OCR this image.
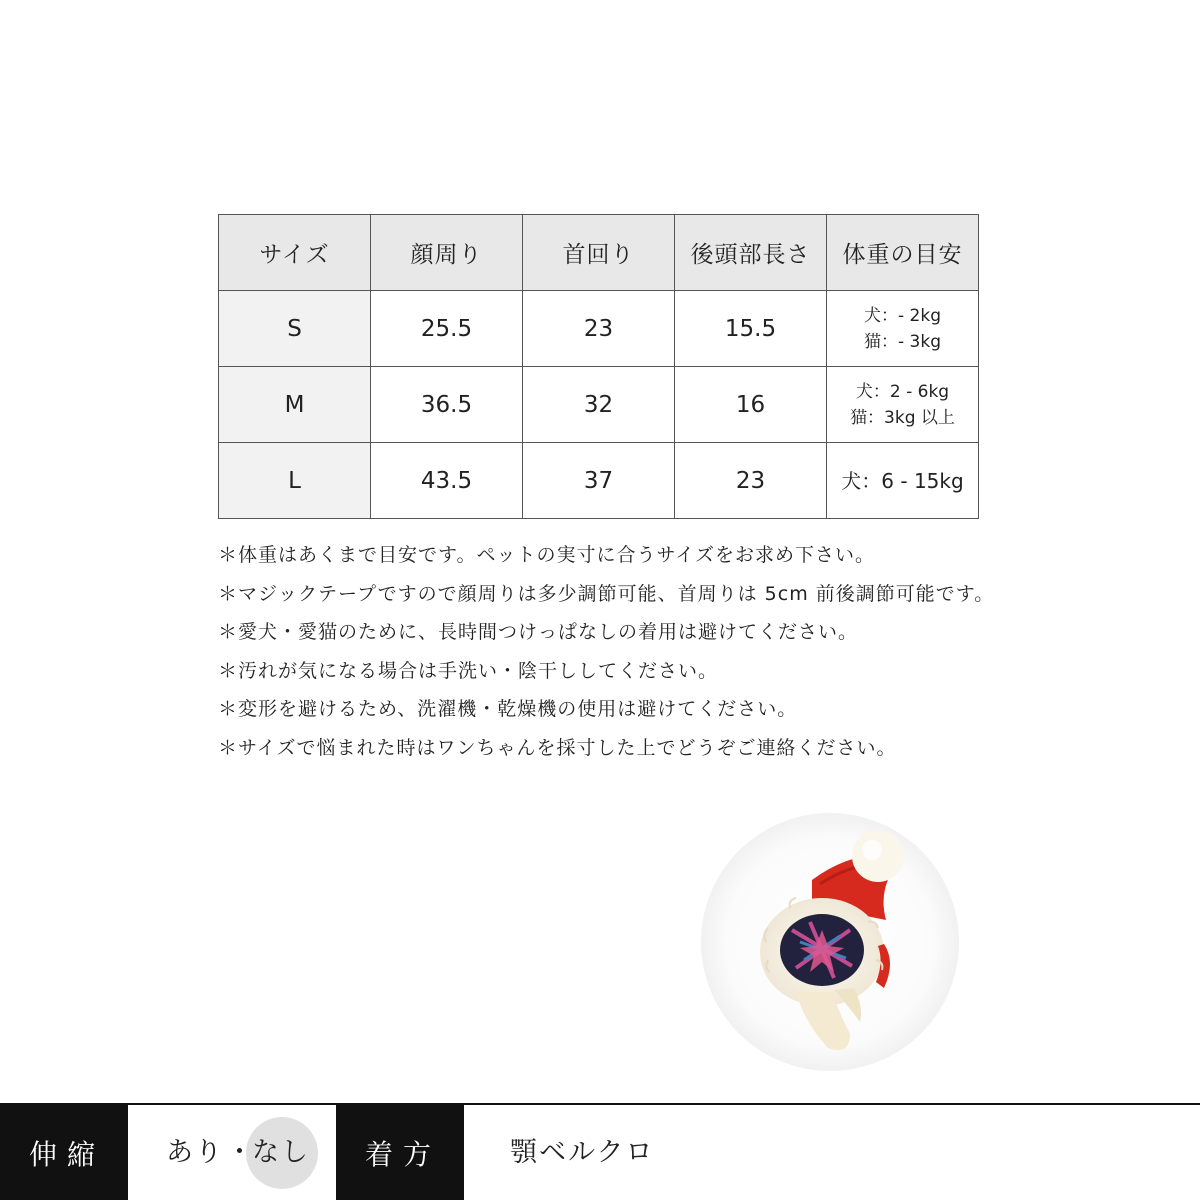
サイズ	顔周り	首回り	後頭部長さ	体重の目安
S	25.5	23	15.5	犬：- 2kg
猫：- 3kg

M	36.5	32	16	犬：2 - 6kg
猫：3kg 以上

L	43.5	37	23	犬：6 - 15kg
＊体重はあくまで目安です。ペットの実寸に合うサイズをお求め下さい。
＊マジックテープですので顔周りは多少調節可能、首周りは 5cm 前後調節可能です。
＊愛犬・愛猫のために、長時間つけっぱなしの着用は避けてください。
＊汚れが気になる場合は手洗い・陰干ししてください。
＊変形を避けるため、洗濯機・乾燥機の使用は避けてください。
＊サイズで悩まれた時はワンちゃんを採寸した上でどうぞご連絡ください。
伸縮	あり ・
なし	着方	顎ベルクロ
